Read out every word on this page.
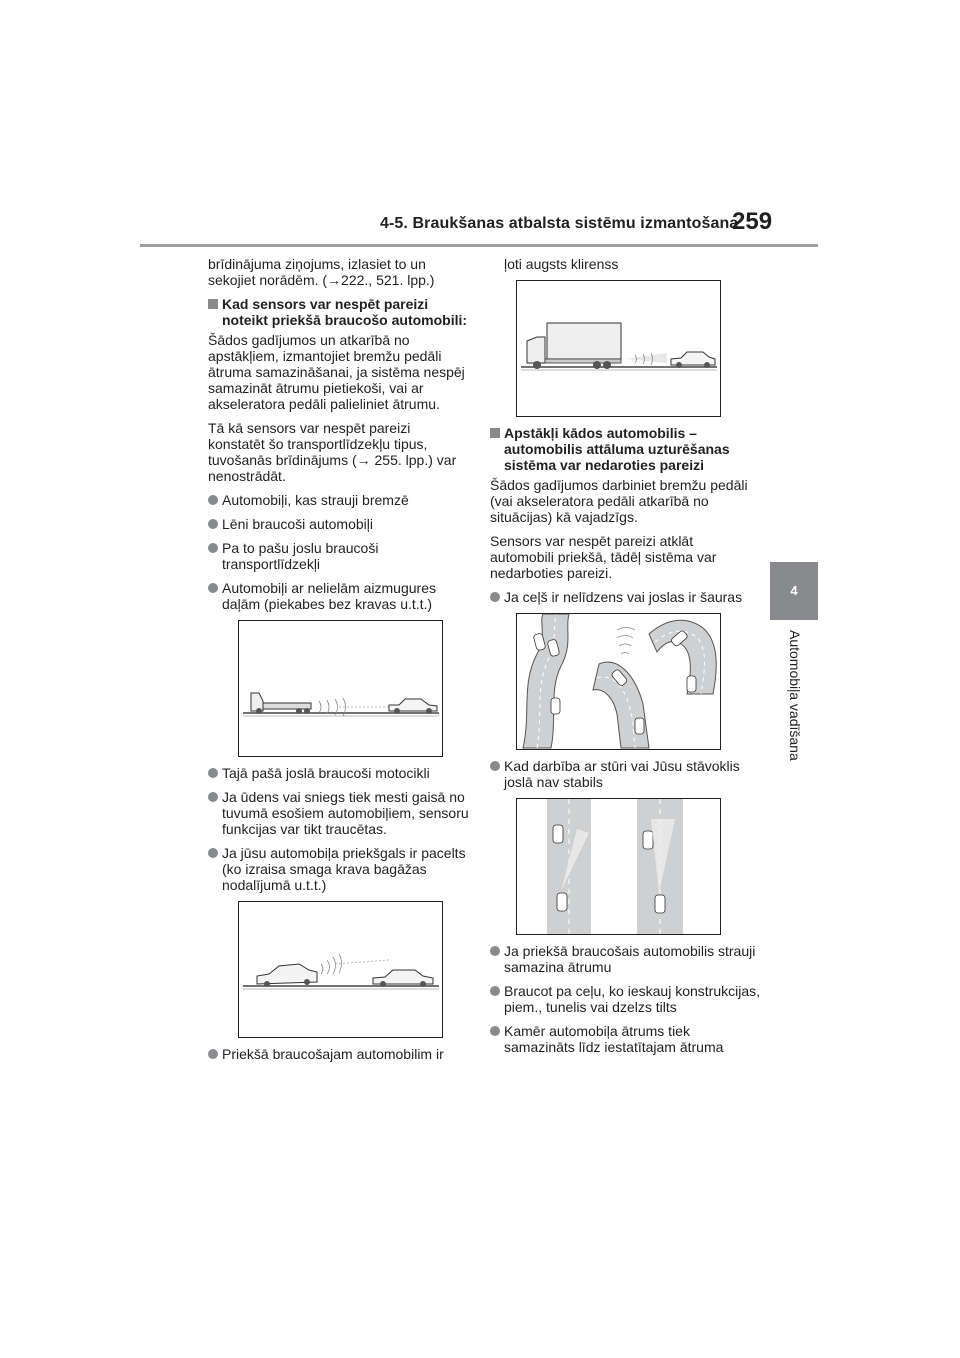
4-5. Braukšanas atbalsta sistēmu izmantošana
259
4
Automobiļa vadīšana

brīdinājuma ziņojums, izlasiet to un sekojiet norādēm. (→222., 521. lpp.)

Kad sensors var nespēt pareizi noteikt priekšā braucošo automobili:

Šādos gadījumos un atkarībā no apstākļiem, izmantojiet bremžu pedāli ātruma samazināšanai, ja sistēma nespēj samazināt ātrumu pietiekoši, vai ar akseleratora pedāli palieliniet ātrumu.

Tā kā sensors var nespēt pareizi konstatēt šo transportlīdzekļu tipus, tuvošanās brīdinājums (→ 255. lpp.) var nenostrādāt.

Automobiļi, kas strauji bremzē
Lēni braucoši automobiļi
Pa to pašu joslu braucoši transportlīdzekļi
Automobiļi ar nelielām aizmugures daļām (piekabes bez kravas u.t.t.)
Tajā pašā joslā braucoši motocikli
Ja ūdens vai sniegs tiek mesti gaisā no tuvumā esošiem automobiļiem, sensoru funkcijas var tikt traucētas.
Ja jūsu automobiļa priekšgals ir pacelts (ko izraisa smaga krava bagāžas nodalījumā u.t.t.)
Priekšā braucošajam automobilim ir

ļoti augsts klirenss

Apstākļi kādos automobilis – automobilis attāluma uzturēšanas sistēma var nedaroties pareizi

Šādos gadījumos darbiniet bremžu pedāli (vai akseleratora pedāli atkarībā no situācijas) kā vajadzīgs.

Sensors var nespēt pareizi atklāt automobili priekšā, tādēļ sistēma var nedarboties pareizi.

Ja ceļš ir nelīdzens vai joslas ir šauras
Kad darbība ar stūri vai Jūsu stāvoklis joslā nav stabils
Ja priekšā braucošais automobilis strauji samazina ātrumu
Braucot pa ceļu, ko ieskauj konstrukcijas, piem., tunelis vai dzelzs tilts
Kamēr automobiļa ātrums tiek samazināts līdz iestatītajam ātruma
